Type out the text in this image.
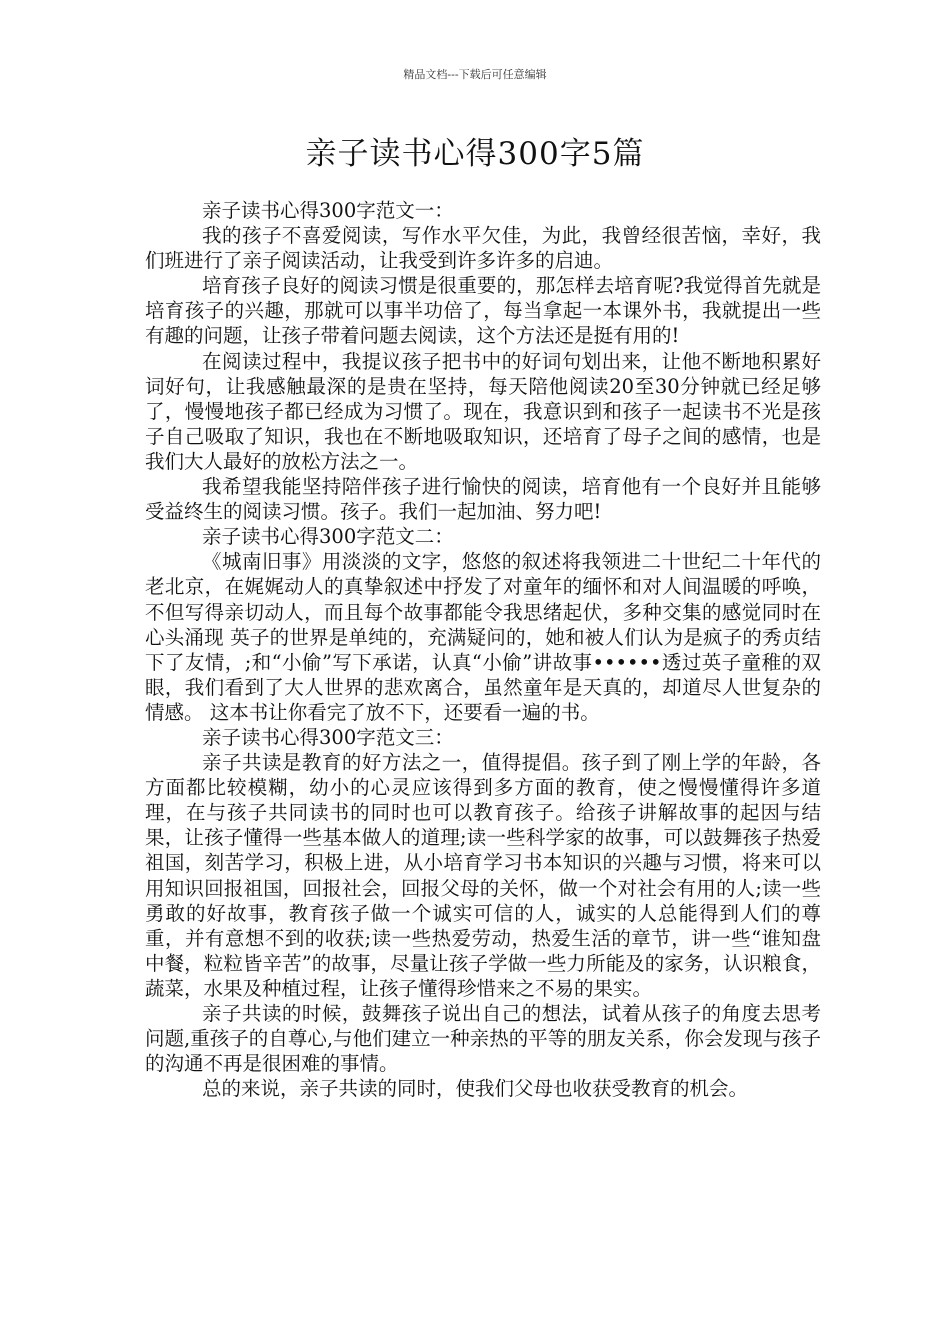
精品文档---下载后可任意编辑
亲子读书心得300字5篇

亲子读书心得300字范文一：

我的孩子不喜爱阅读，写作水平欠佳，为此，我曾经很苦恼，幸好，我们班进行了亲子阅读活动，让我受到许多许多的启迪。

培育孩子良好的阅读习惯是很重要的，那怎样去培育呢?我觉得首先就是培育孩子的兴趣，那就可以事半功倍了，每当拿起一本课外书，我就提出一些有趣的问题，让孩子带着问题去阅读，这个方法还是挺有用的!

在阅读过程中，我提议孩子把书中的好词句划出来，让他不断地积累好词好句，让我感触最深的是贵在坚持，每天陪他阅读20至30分钟就已经足够了，慢慢地孩子都已经成为习惯了。现在，我意识到和孩子一起读书不光是孩子自己吸取了知识，我也在不断地吸取知识，还培育了母子之间的感情，也是我们大人最好的放松方法之一。

我希望我能坚持陪伴孩子进行愉快的阅读，培育他有一个良好并且能够受益终生的阅读习惯。孩子。我们一起加油、努力吧!

亲子读书心得300字范文二：

《城南旧事》用淡淡的文字，悠悠的叙述将我领进二十世纪二十年代的老北京，在娓娓动人的真挚叙述中抒发了对童年的缅怀和对人间温暖的呼唤，不但写得亲切动人，而且每个故事都能令我思绪起伏，多种交集的感觉同时在心头涌现 英子的世界是单纯的，充满疑问的，她和被人们认为是疯子的秀贞结下了友情，;和“小偷”写下承诺，认真“小偷”讲故事••••••透过英子童稚的双眼，我们看到了大人世界的悲欢离合，虽然童年是天真的，却道尽人世复杂的情感。 这本书让你看完了放不下，还要看一遍的书。

亲子读书心得300字范文三：

亲子共读是教育的好方法之一，值得提倡。孩子到了刚上学的年龄，各方面都比较模糊，幼小的心灵应该得到多方面的教育，使之慢慢懂得许多道理，在与孩子共同读书的同时也可以教育孩子。给孩子讲解故事的起因与结果，让孩子懂得一些基本做人的道理;读一些科学家的故事，可以鼓舞孩子热爱祖国，刻苦学习，积极上进，从小培育学习书本知识的兴趣与习惯，将来可以用知识回报祖国，回报社会，回报父母的关怀，做一个对社会有用的人;读一些勇敢的好故事，教育孩子做一个诚实可信的人，诚实的人总能得到人们的尊重，并有意想不到的收获;读一些热爱劳动，热爱生活的章节，讲一些“谁知盘中餐，粒粒皆辛苦”的故事，尽量让孩子学做一些力所能及的家务，认识粮食，蔬菜，水果及种植过程，让孩子懂得珍惜来之不易的果实。

亲子共读的时候，鼓舞孩子说出自己的想法，试着从孩子的角度去思考问题,重孩子的自尊心,与他们建立一种亲热的平等的朋友关系，你会发现与孩子的沟通不再是很困难的事情。

总的来说，亲子共读的同时，使我们父母也收获受教育的机会。
